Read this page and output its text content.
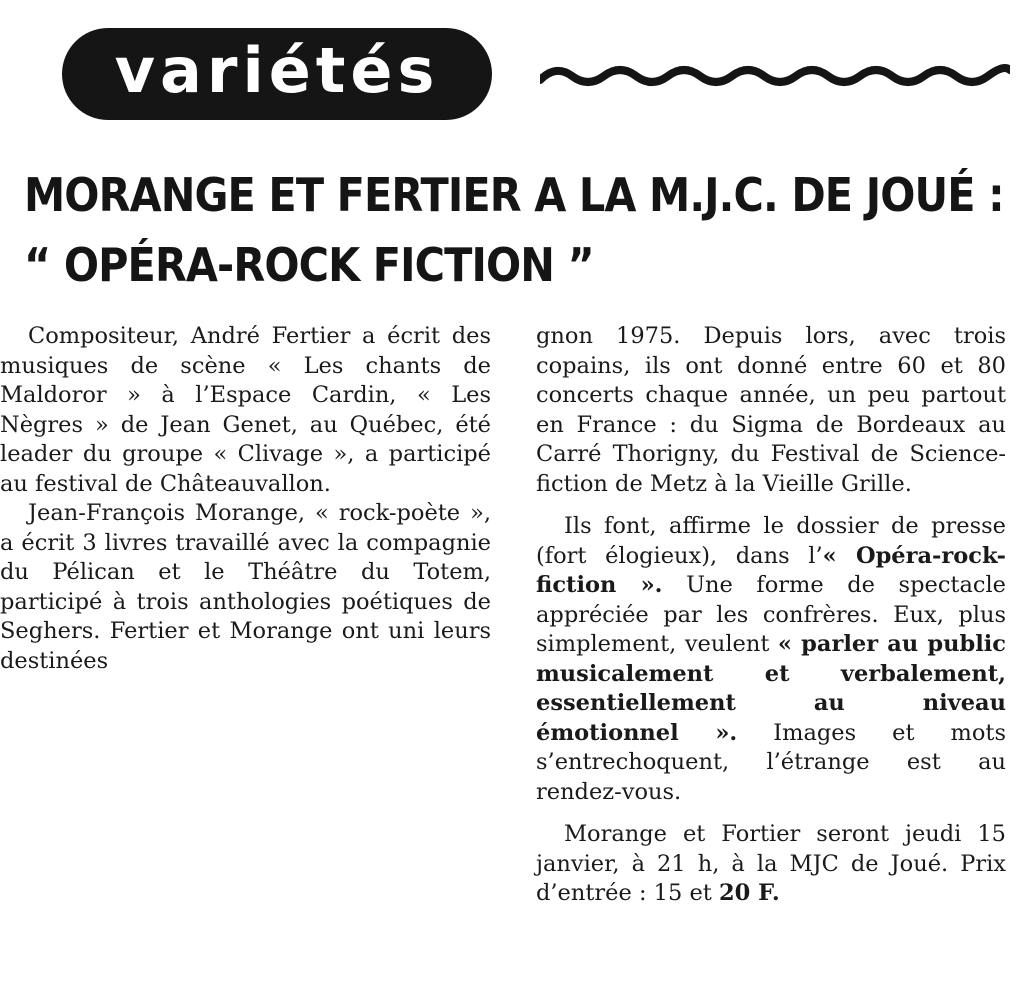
variétés
MORANGE ET FERTIER A LA M.J.C. DE JOUÉ :
“ OPÉRA-ROCK FICTION ”

Compositeur, André Fertier a écrit des musiques de scène « Les chants de Maldoror » à l’Espace Cardin, « Les Nègres » de Jean Genet, au Québec, été leader du groupe « Clivage », a participé au festival de Châteauvallon.

Jean-François Morange, « rock-poète », a écrit 3 livres travaillé avec la compagnie du Pélican et le Théâtre du Totem, participé à trois anthologies poétiques de Seghers. Fertier et Morange ont uni leurs destinées

gnon 1975. Depuis lors, avec trois copains, ils ont donné entre 60 et 80 concerts chaque année, un peu partout en France : du Sigma de Bordeaux au Carré Thorigny, du Festival de Science-fiction de Metz à la Vieille Grille.

Ils font, affirme le dossier de presse (fort élogieux), dans l’« Opéra-rock-fiction ». Une forme de spectacle appréciée par les confrères. Eux, plus simplement, veulent « parler au public musicalement et verbalement, essentiellement au niveau émotionnel ». Images et mots s’entrechoquent, l’étrange est au rendez-vous.

Morange et Fortier seront jeudi 15 janvier, à 21 h, à la MJC de Joué. Prix d’entrée : 15 et 20 F.
